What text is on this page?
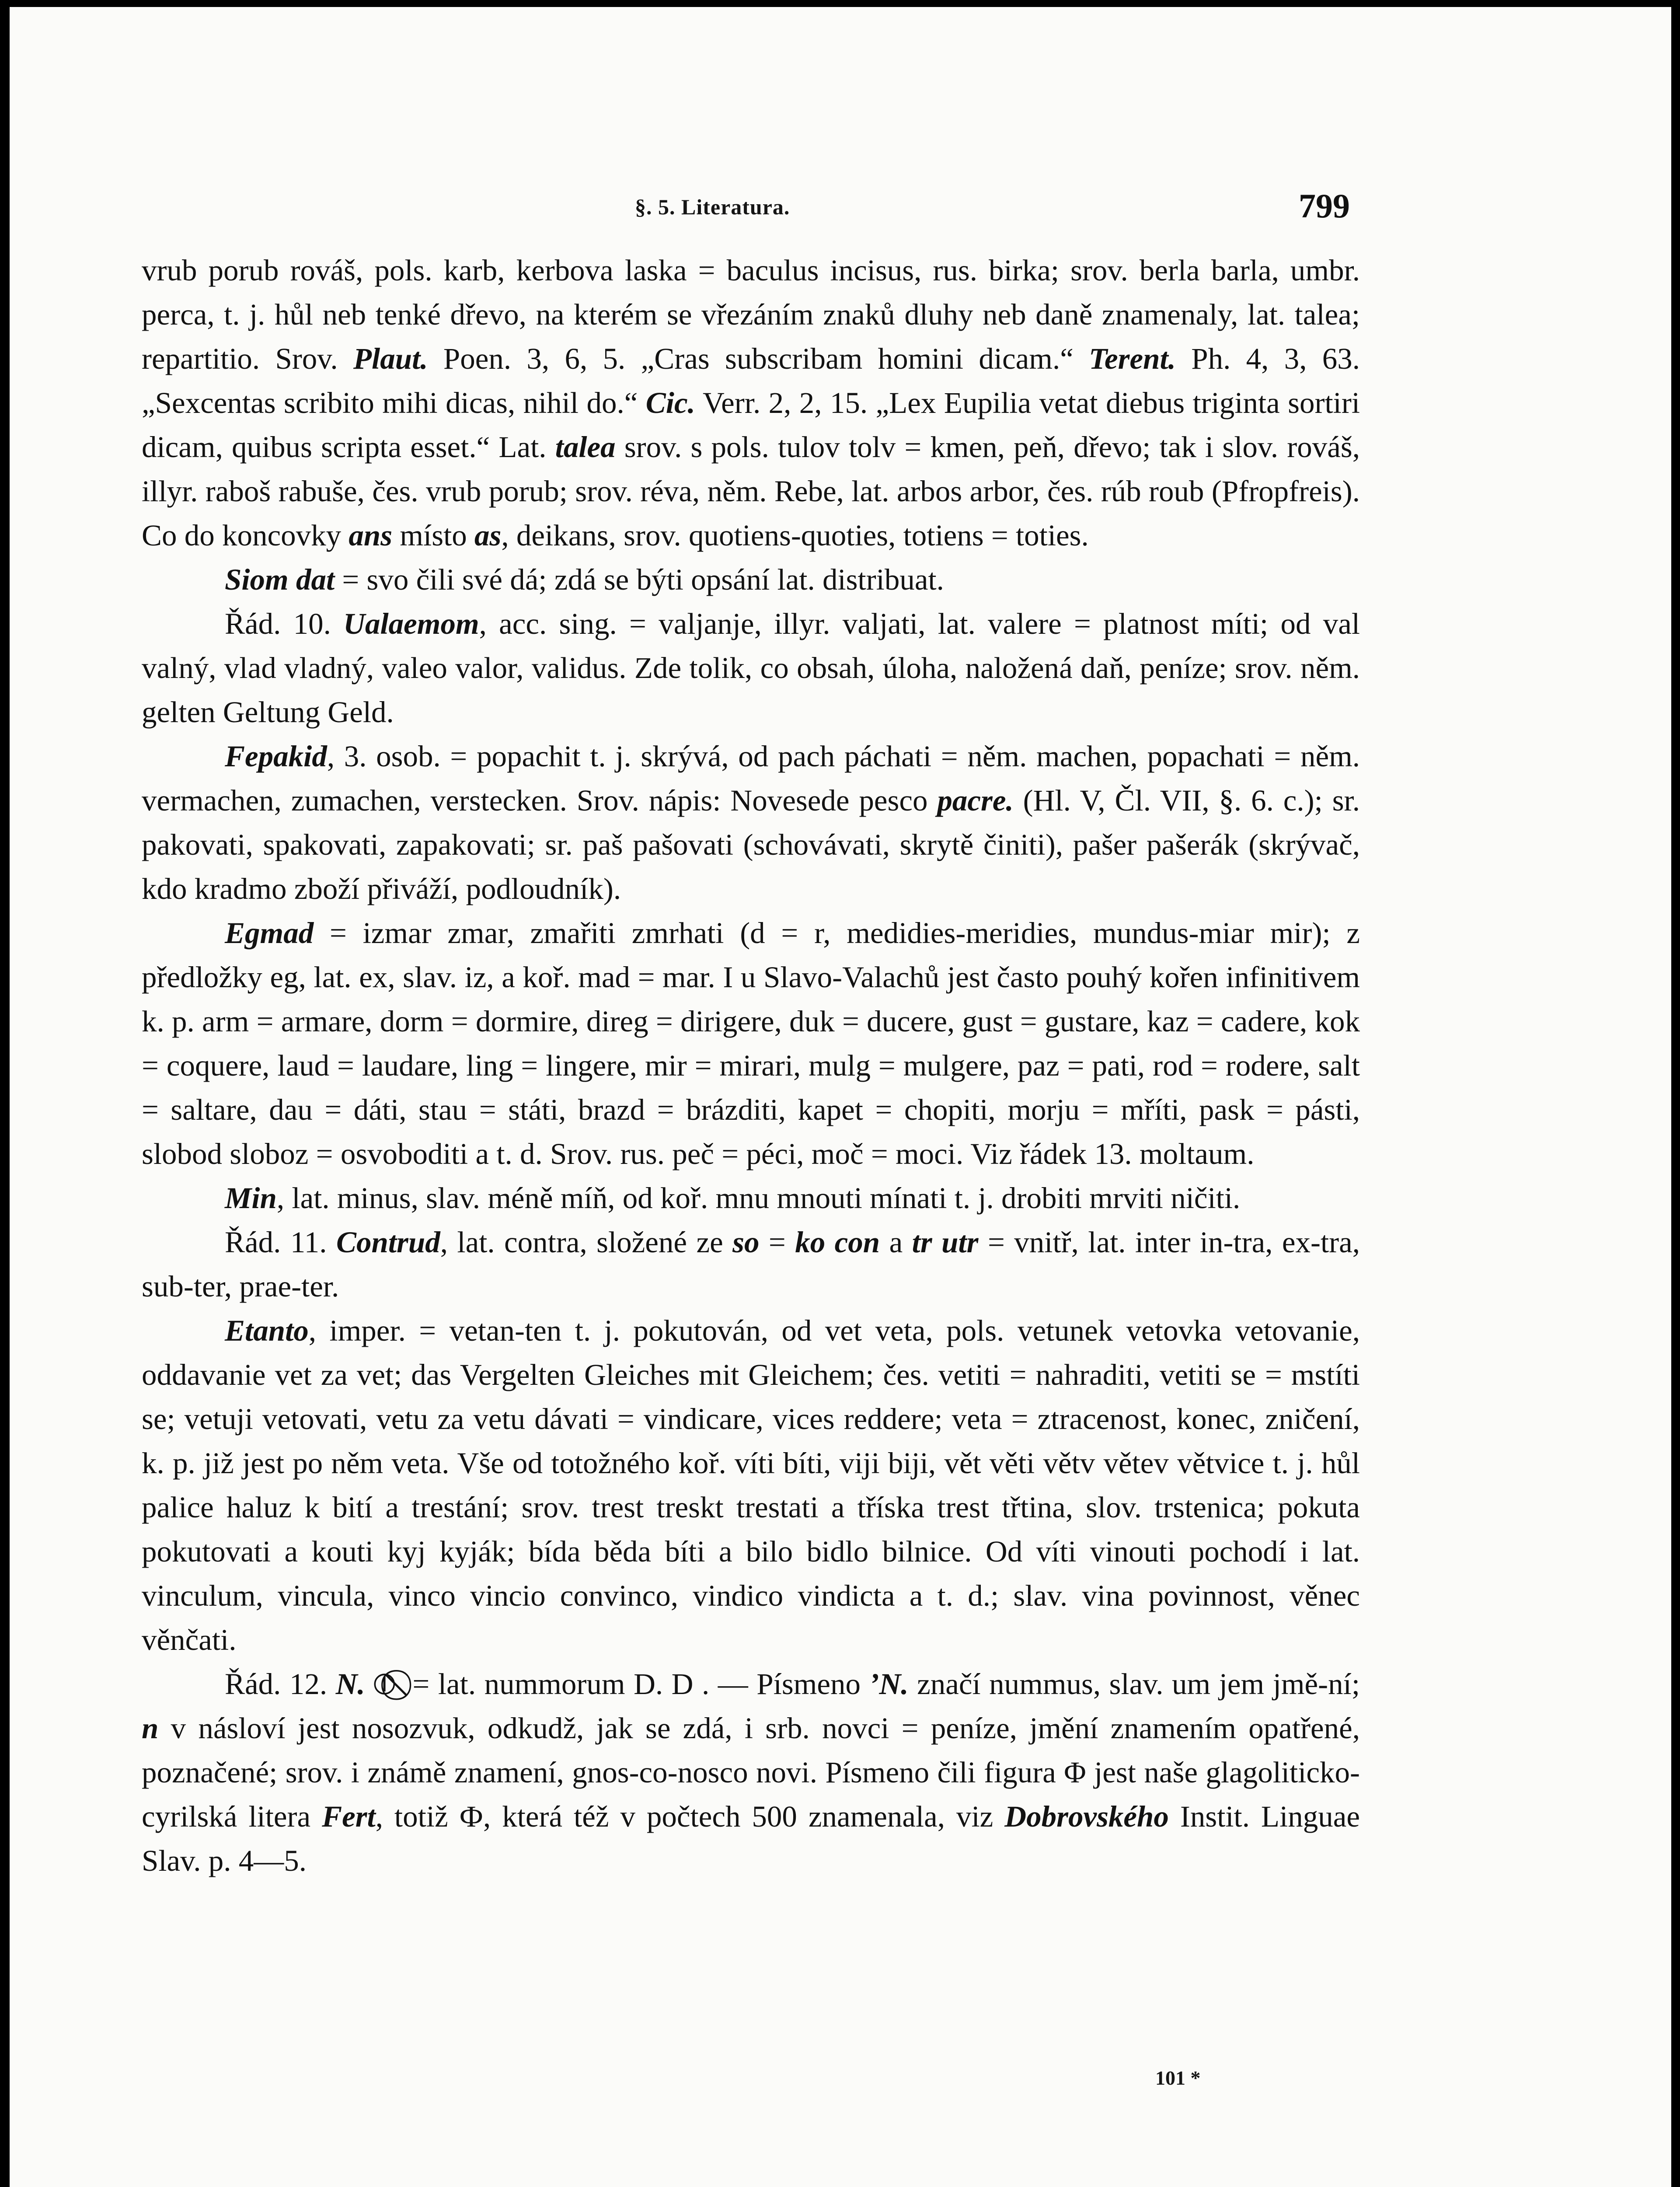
§. 5. Literatura.	799

vrub porub rováš, pols. karb, kerbova laska = baculus incisus, rus. birka; srov. berla barla, umbr. perca, t. j. hůl neb tenké dřevo, na kterém se vřezáním znaků dluhy neb daně znamenaly, lat. talea; repartitio. Srov. Plaut. Poen. 3, 6, 5. „Cras subscribam homini dicam.“ Terent. Ph. 4, 3, 63. „Sexcentas scribito mihi dicas, nihil do.“ Cic. Verr. 2, 2, 15. „Lex Eupilia vetat diebus triginta sortiri dicam, quibus scripta esset.“ Lat. talea srov. s pols. tulov tolv = kmen, peň, dřevo; tak i slov. rováš, illyr. raboš rabuše, čes. vrub porub; srov. réva, něm. Rebe, lat. arbos arbor, čes. rúb roub (Pfropfreis). Co do koncovky ans místo as, deikans, srov. quotiens-quoties, totiens = toties.

Siom dat = svo čili své dá; zdá se býti opsání lat. distribuat.

Řád. 10. Ualaemom, acc. sing. = valjanje, illyr. valjati, lat. valere = platnost míti; od val valný, vlad vladný, valeo valor, validus. Zde tolik, co obsah, úloha, naložená daň, peníze; srov. něm. gelten Geltung Geld.

Fepakid, 3. osob. = popachit t. j. skrývá, od pach páchati = něm. machen, popachati = něm. vermachen, zumachen, verstecken. Srov. nápis: Novesede pesco pacre. (Hl. V, Čl. VII, §. 6. c.); sr. pakovati, spakovati, zapakovati; sr. paš pašovati (schovávati, skrytě činiti), pašer pašerák (skrývač, kdo kradmo zboží přiváží, podloudník).

Egmad = izmar zmar, zmařiti zmrhati (d = r, medidies-meridies, mundus-miar mir); z předložky eg, lat. ex, slav. iz, a koř. mad = mar. I u Slavo-Valachů jest často pouhý kořen infinitivem k. p. arm = armare, dorm = dormire, direg = dirigere, duk = ducere, gust = gustare, kaz = cadere, kok = coquere, laud = laudare, ling = lingere, mir = mirari, mulg = mulgere, paz = pati, rod = rodere, salt = saltare, dau = dáti, stau = státi, brazd = brázditi, kapet = chopiti, morju = mříti, pask = pásti, slobod sloboz = osvoboditi a t. d. Srov. rus. peč = péci, moč = moci. Viz řádek 13. moltaum.

Min, lat. minus, slav. méně míň, od koř. mnu mnouti mínati t. j. drobiti mrviti ničiti.

Řád. 11. Contrud, lat. contra, složené ze so = ko con a tr utr = vnitř, lat. inter in-tra, ex-tra, sub-ter, prae-ter.

Etanto, imper. = vetan-ten t. j. pokutován, od vet veta, pols. vetunek vetovka vetovanie, oddavanie vet za vet; das Vergelten Gleiches mit Gleichem; čes. vetiti = nahraditi, vetiti se = mstíti se; vetuji vetovati, vetu za vetu dávati = vindicare, vices reddere; veta = ztracenost, konec, zničení, k. p. již jest po něm veta. Vše od totožného koř. víti bíti, viji biji, vět věti větv větev větvice t. j. hůl palice haluz k bití a trestání; srov. trest treskt trestati a tříska trest třtina, slov. trstenica; pokuta pokutovati a kouti kyj kyják; bída běda bíti a bilo bidlo bilnice. Od víti vinouti pochodí i lat. vinculum, vincula, vinco vincio convinco, vindico vindicta a t. d.; slav. vina povinnost, věnec věnčati.

Řád. 12. N. ⦶ ⃠ = lat. nummorum D. D . — Písmeno ʼN. značí nummus, slav. um jem jmě-ní; n v násloví jest nosozvuk, odkudž, jak se zdá, i srb. novci = peníze, jmění znamením opatřené, poznačené; srov. i známě znamení, gnos-co-nosco novi. Písmeno čili figura Φ jest naše glagoliticko-cyrilská litera Fert, totiž Ф, která též v počtech 500 znamenala, viz Dobrovského Instit. Linguae Slav. p. 4—5.

101 *
